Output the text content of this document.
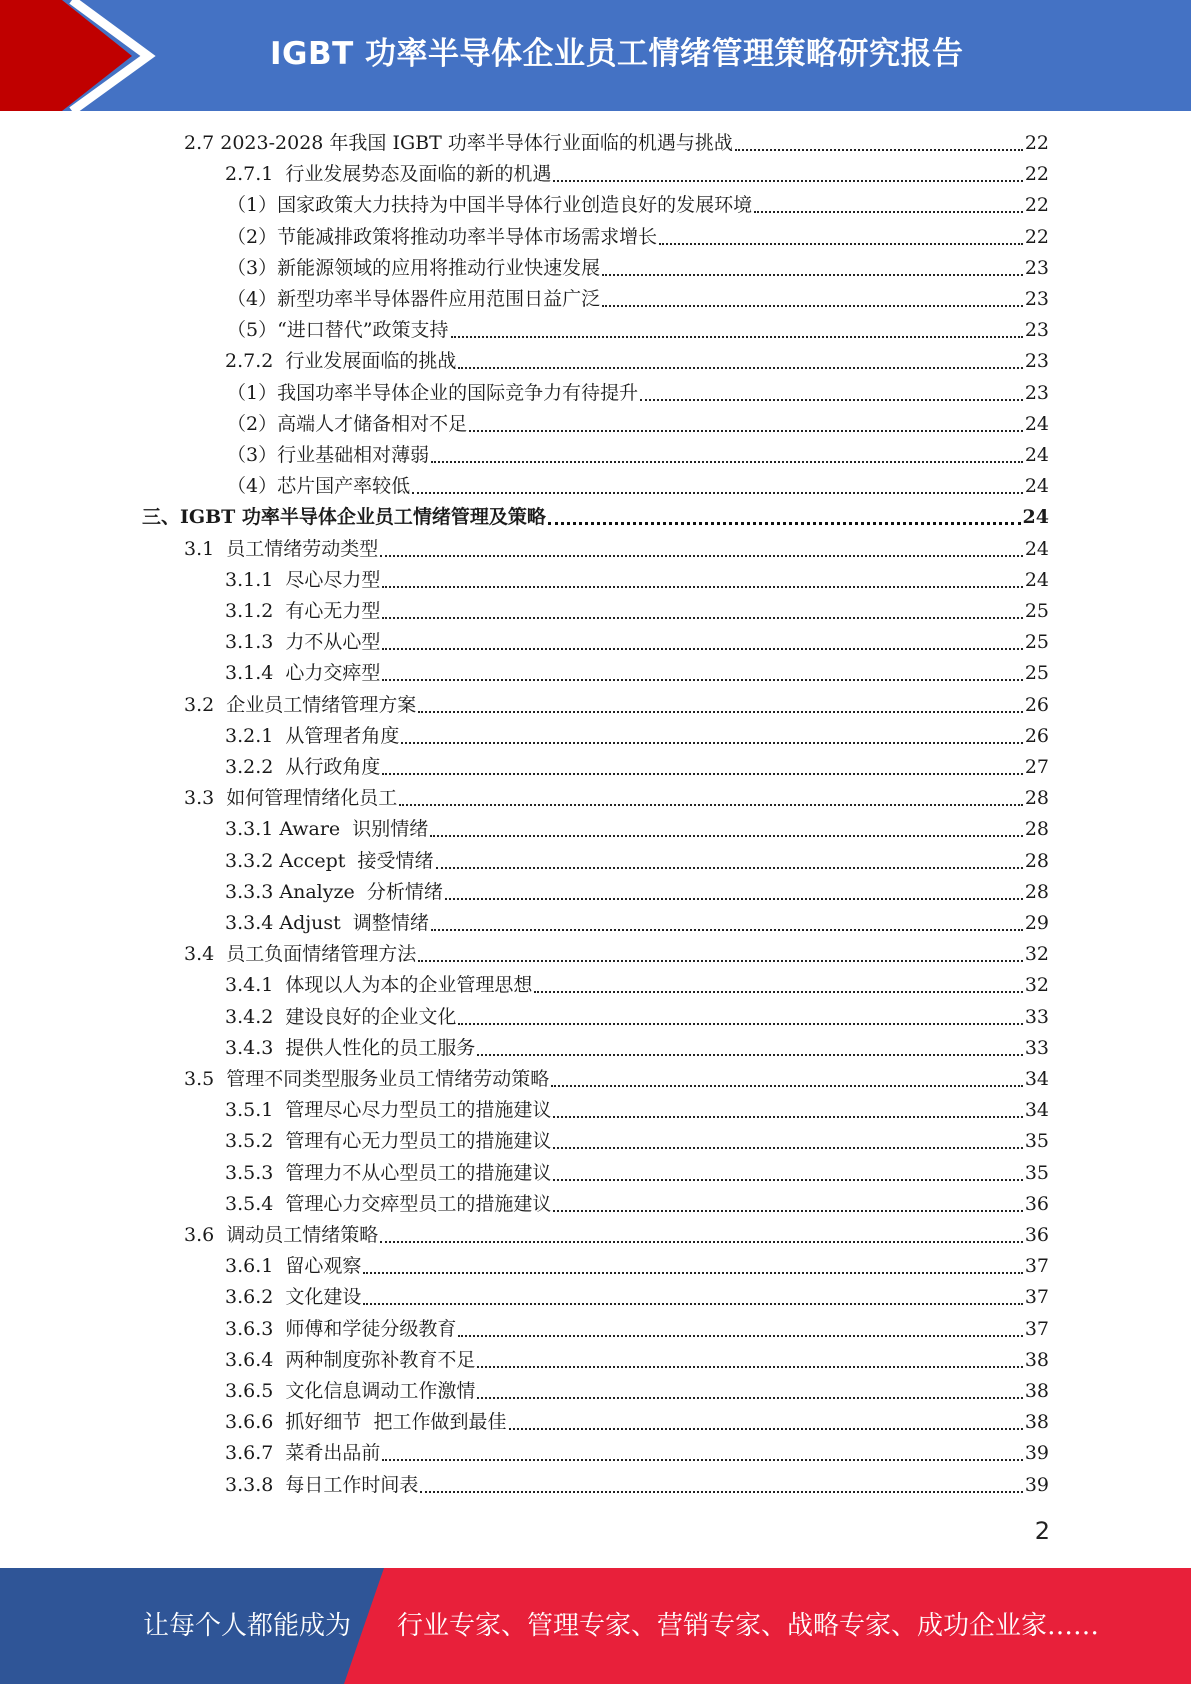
IGBT 功率半导体企业员工情绪管理策略研究报告
2.7 2023-2028 年我国 IGBT 功率半导体行业面临的机遇与挑战	22
2.7.1  行业发展势态及面临的新的机遇	22
（1）国家政策大力扶持为中国半导体行业创造良好的发展环境	22
（2）节能减排政策将推动功率半导体市场需求增长	22
（3）新能源领域的应用将推动行业快速发展	23
（4）新型功率半导体器件应用范围日益广泛	23
（5）“进口替代”政策支持	23
2.7.2  行业发展面临的挑战	23
（1）我国功率半导体企业的国际竞争力有待提升	23
（2）高端人才储备相对不足	24
（3）行业基础相对薄弱	24
（4）芯片国产率较低	24
三、IGBT 功率半导体企业员工情绪管理及策略	24
3.1  员工情绪劳动类型	24
3.1.1  尽心尽力型	24
3.1.2  有心无力型	25
3.1.3  力不从心型	25
3.1.4  心力交瘁型	25
3.2  企业员工情绪管理方案	26
3.2.1  从管理者角度	26
3.2.2  从行政角度	27
3.3  如何管理情绪化员工	28
3.3.1 Aware  识别情绪	28
3.3.2 Accept  接受情绪	28
3.3.3 Analyze  分析情绪	28
3.3.4 Adjust  调整情绪	29
3.4  员工负面情绪管理方法	32
3.4.1  体现以人为本的企业管理思想	32
3.4.2  建设良好的企业文化	33
3.4.3  提供人性化的员工服务	33
3.5  管理不同类型服务业员工情绪劳动策略	34
3.5.1  管理尽心尽力型员工的措施建议	34
3.5.2  管理有心无力型员工的措施建议	35
3.5.3  管理力不从心型员工的措施建议	35
3.5.4  管理心力交瘁型员工的措施建议	36
3.6  调动员工情绪策略	36
3.6.1  留心观察	37
3.6.2  文化建设	37
3.6.3  师傅和学徒分级教育	37
3.6.4  两种制度弥补教育不足	38
3.6.5  文化信息调动工作激情	38
3.6.6  抓好细节  把工作做到最佳	38
3.6.7  菜肴出品前	39
3.3.8  每日工作时间表	39
2
让每个人都能成为	行业专家、管理专家、营销专家、战略专家、成功企业家……
